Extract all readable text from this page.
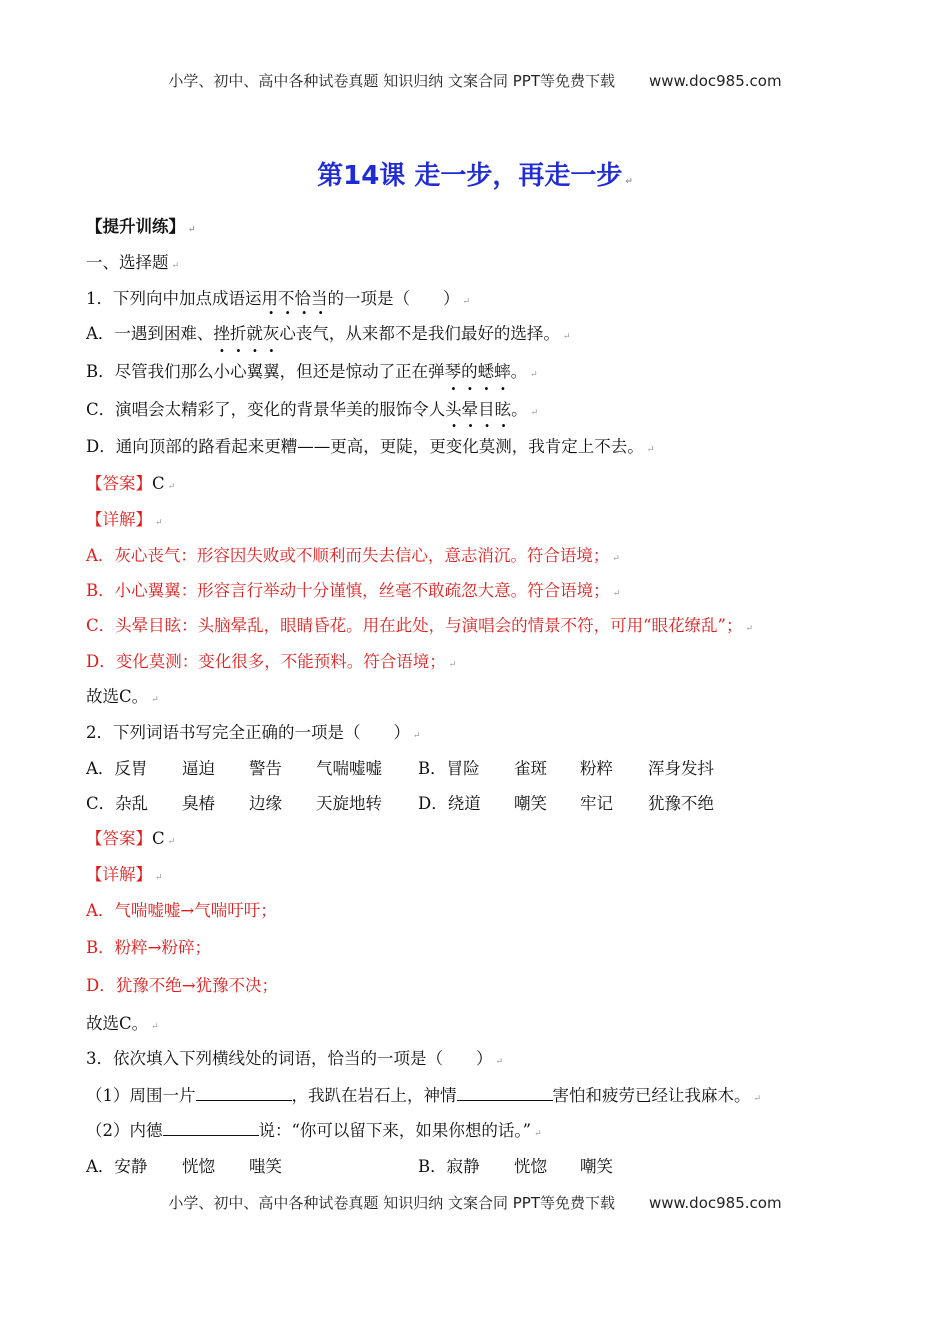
小学、初中、高中各种试卷真题 知识归纳 文案合同 PPT等免费下载 www.doc985.com
第14课 走一步，再走一步 ↵
【提升训练】 ↵
一、选择题 ↵
1．下列向中加点成语运用不恰当的一项是（　　） ↵
A．一遇到困难、挫折就灰心丧气，从来都不是我们最好的选择。 ↵
B．尽管我们那么小心翼翼，但还是惊动了正在弹琴的蟋蟀。 ↵
C．演唱会太精彩了，变化的背景华美的服饰令人头晕目眩。 ↵
D．通向顶部的路看起来更糟——更高，更陡，更变化莫测，我肯定上不去。 ↵
【答案】C ↵
【详解】 ↵
A．灰心丧气：形容因失败或不顺利而失去信心，意志消沉。符合语境； ↵
B．小心翼翼：形容言行举动十分谨慎，丝毫不敢疏忽大意。符合语境； ↵
C．头晕目眩：头脑晕乱，眼睛昏花。用在此处，与演唱会的情景不符，可用“眼花缭乱”； ↵
D．变化莫测：变化很多，不能预料。符合语境； ↵
故选C。 ↵
2．下列词语书写完全正确的一项是（　　） ↵
A．反胃 逼迫 警告 气喘嘘嘘 B．冒险 雀斑 粉粹 浑身发抖
C．杂乱 臭椿 边缘 天旋地转 D．绕道 嘲笑 牢记 犹豫不绝
【答案】C ↵
【详解】 ↵
A．气喘嘘嘘→气喘吁吁；
B．粉粹→粉碎；
D．犹豫不绝→犹豫不决；
故选C。 ↵
3．依次填入下列横线处的词语，恰当的一项是（　　） ↵
（1）周围一片	，我趴在岩石上，神情	害怕和疲劳已经让我麻木。 ↵
（2）内德	说：“你可以留下来，如果你想的话。” ↵
A．安静 恍惚 嗤笑	B．寂静 恍惚 嘲笑
小学、初中、高中各种试卷真题 知识归纳 文案合同 PPT等免费下载 www.doc985.com
